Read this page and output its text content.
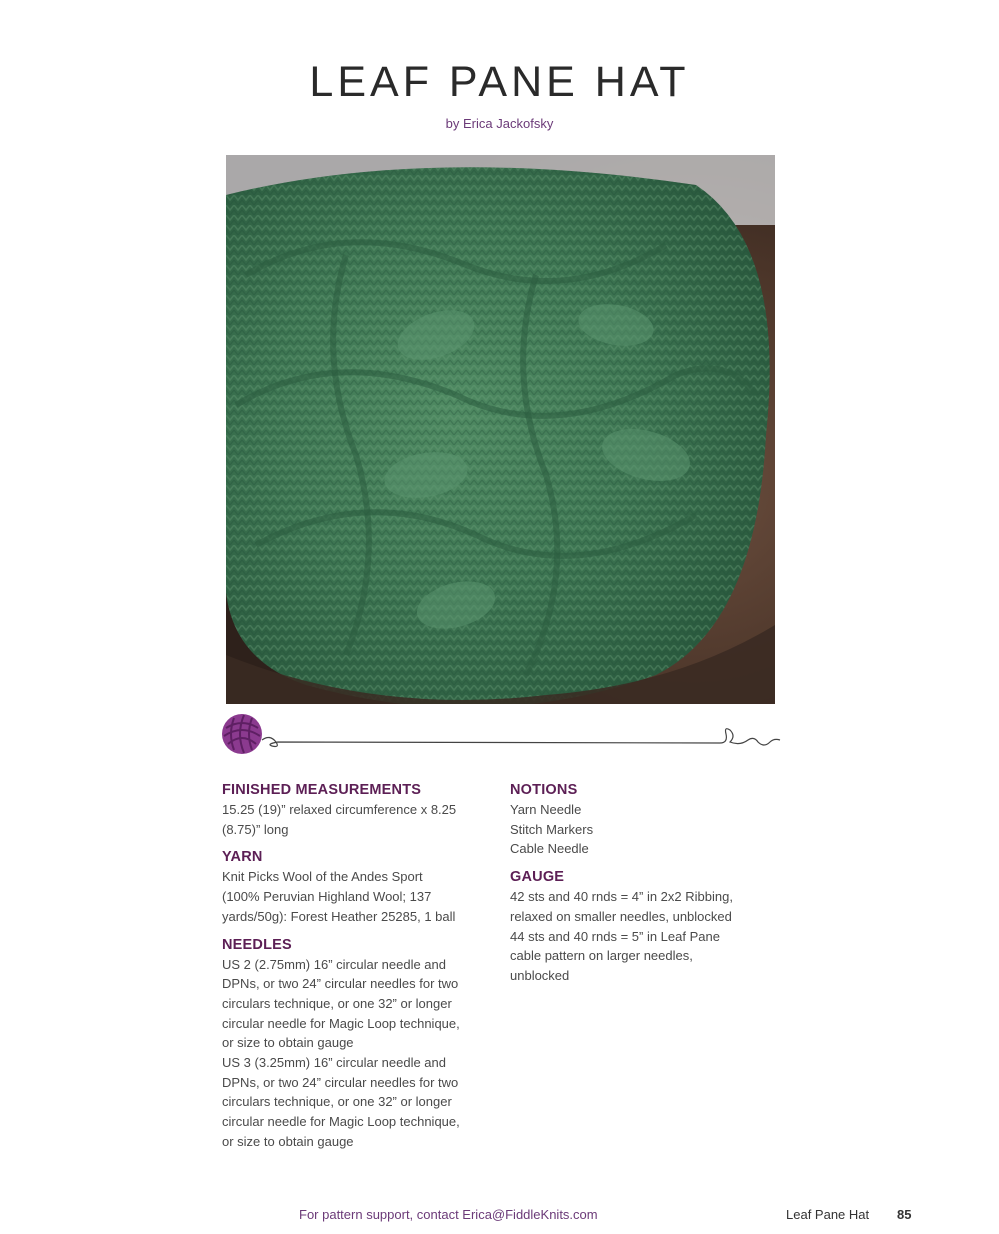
LEAF PANE HAT
by Erica Jackofsky

FINISHED MEASUREMENTS

15.25 (19)” relaxed circumference x 8.25
(8.75)” long

YARN

Knit Picks Wool of the Andes Sport
(100% Peruvian Highland Wool; 137
yards/50g): Forest Heather 25285, 1 ball

NEEDLES

US 2 (2.75mm) 16” circular needle and
DPNs, or two 24” circular needles for two
circulars technique, or one 32” or longer
circular needle for Magic Loop technique,
or size to obtain gauge
US 3 (3.25mm) 16” circular needle and
DPNs, or two 24” circular needles for two
circulars technique, or one 32” or longer
circular needle for Magic Loop technique,
or size to obtain gauge

NOTIONS

Yarn Needle
Stitch Markers
Cable Needle

GAUGE

42 sts and 40 rnds = 4” in 2x2 Ribbing,
relaxed on smaller needles, unblocked
44 sts and 40 rnds = 5” in Leaf Pane
cable pattern on larger needles,
unblocked

For pattern support, contact Erica@FiddleKnits.com	Leaf Pane Hat 85
